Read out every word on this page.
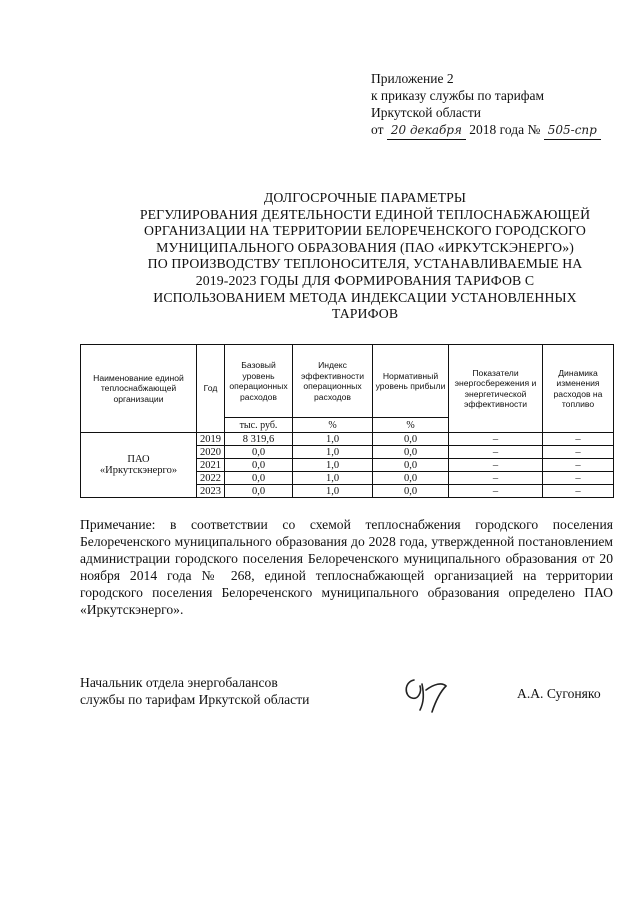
Приложение 2
к приказу службы по тарифам
Иркутской области
от 20 декабря 2018 года № 505-спр
ДОЛГОСРОЧНЫЕ ПАРАМЕТРЫ
РЕГУЛИРОВАНИЯ ДЕЯТЕЛЬНОСТИ ЕДИНОЙ ТЕПЛОСНАБЖАЮЩЕЙ
ОРГАНИЗАЦИИ НА ТЕРРИТОРИИ БЕЛОРЕЧЕНСКОГО ГОРОДСКОГО
МУНИЦИПАЛЬНОГО ОБРАЗОВАНИЯ (ПАО «ИРКУТСКЭНЕРГО»)
ПО ПРОИЗВОДСТВУ ТЕПЛОНОСИТЕЛЯ, УСТАНАВЛИВАЕМЫЕ НА
2019-2023 ГОДЫ ДЛЯ ФОРМИРОВАНИЯ ТАРИФОВ С
ИСПОЛЬЗОВАНИЕМ МЕТОДА ИНДЕКСАЦИИ УСТАНОВЛЕННЫХ
ТАРИФОВ
Наименование единой теплоснабжающей организации	Год	Базовый уровень операционных расходов	Индекс эффективности операционных расходов	Нормативный уровень прибыли	Показатели энергосбережения и энергетической эффективности	Динамика изменения расходов на топливо
		тыс. руб.	%	%		

ПАО
«Иркутскэнерго»	2019	8 319,6	1,0	0,0	–	–
	2020	0,0	1,0	0,0	–	–
	2021	0,0	1,0	0,0	–	–
	2022	0,0	1,0	0,0	–	–
	2023	0,0	1,0	0,0	–	–
Примечание: в соответствии со схемой теплоснабжения городского поселения Белореченского муниципального образования до 2028 года, утвержденной постановлением администрации городского поселения Белореченского муниципального образования от 20 ноября 2014 года № 268, единой теплоснабжающей организацией на территории городского поселения Белореченского муниципального образования определено ПАО «Иркутскэнерго».
Начальник отдела энергобалансов
службы по тарифам Иркутской области	А.А. Сугоняко
